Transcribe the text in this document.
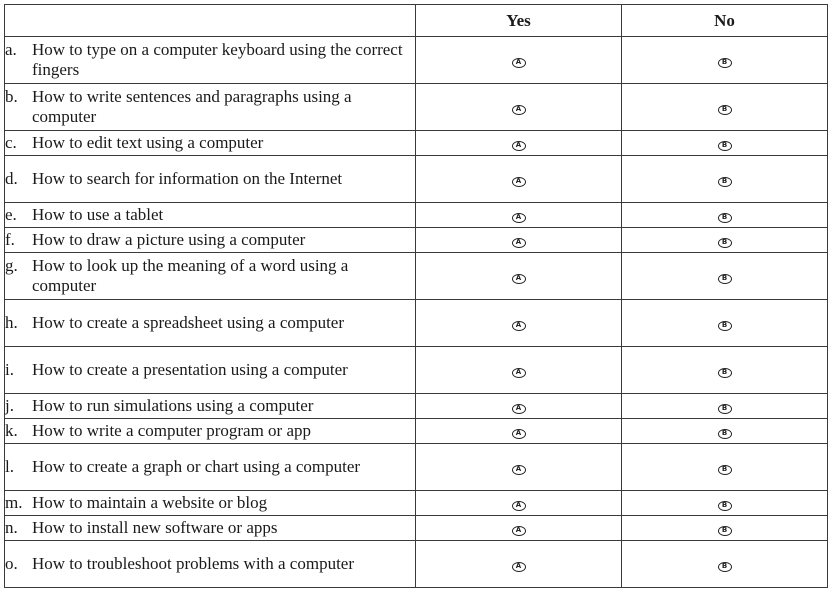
	Yes	No

a. How to type on a computer keyboard using the correct fingers	A	B

b. How to write sentences and paragraphs using a computer	A	B

c. How to edit text using a computer	A	B

d. How to search for information on the Internet	A	B

e. How to use a tablet	A	B

f. How to draw a picture using a computer	A	B

g. How to look up the meaning of a word using a computer	A	B

h. How to create a spreadsheet using a computer	A	B

i. How to create a presentation using a computer	A	B

j. How to run simulations using a computer	A	B

k. How to write a computer program or app	A	B

l. How to create a graph or chart using a computer	A	B

m. How to maintain a website or blog	A	B

n. How to install new software or apps	A	B

o. How to troubleshoot problems with a computer	A	B
